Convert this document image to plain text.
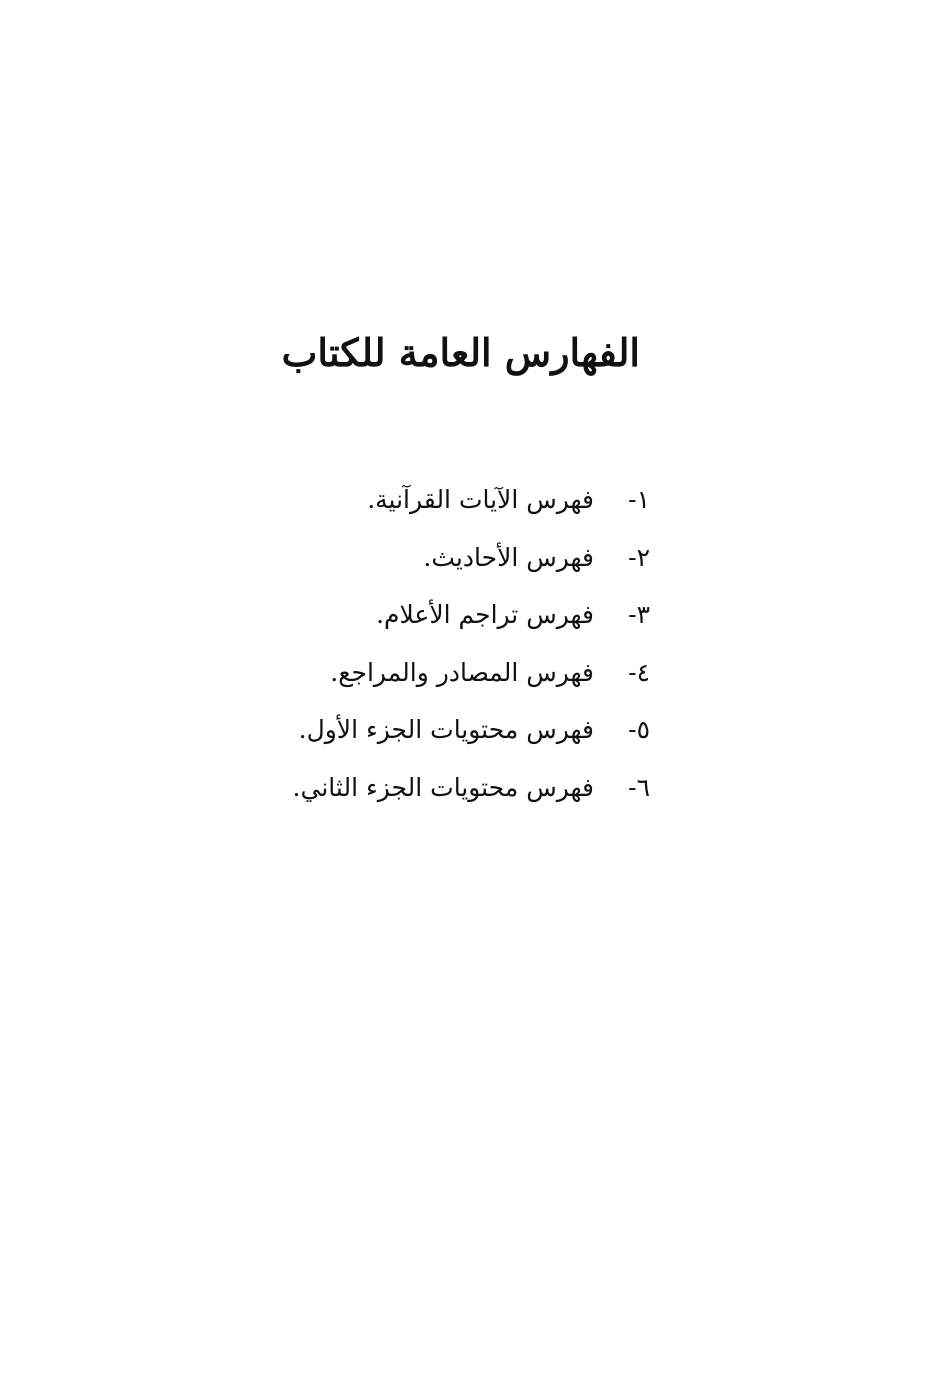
الفهارس العامة للكتاب
١-فهرس الآيات القرآنية.
٢-فهرس الأحاديث.
٣-فهرس تراجم الأعلام.
٤-فهرس المصادر والمراجع.
٥-فهرس محتويات الجزء الأول.
٦-فهرس محتويات الجزء الثاني.
